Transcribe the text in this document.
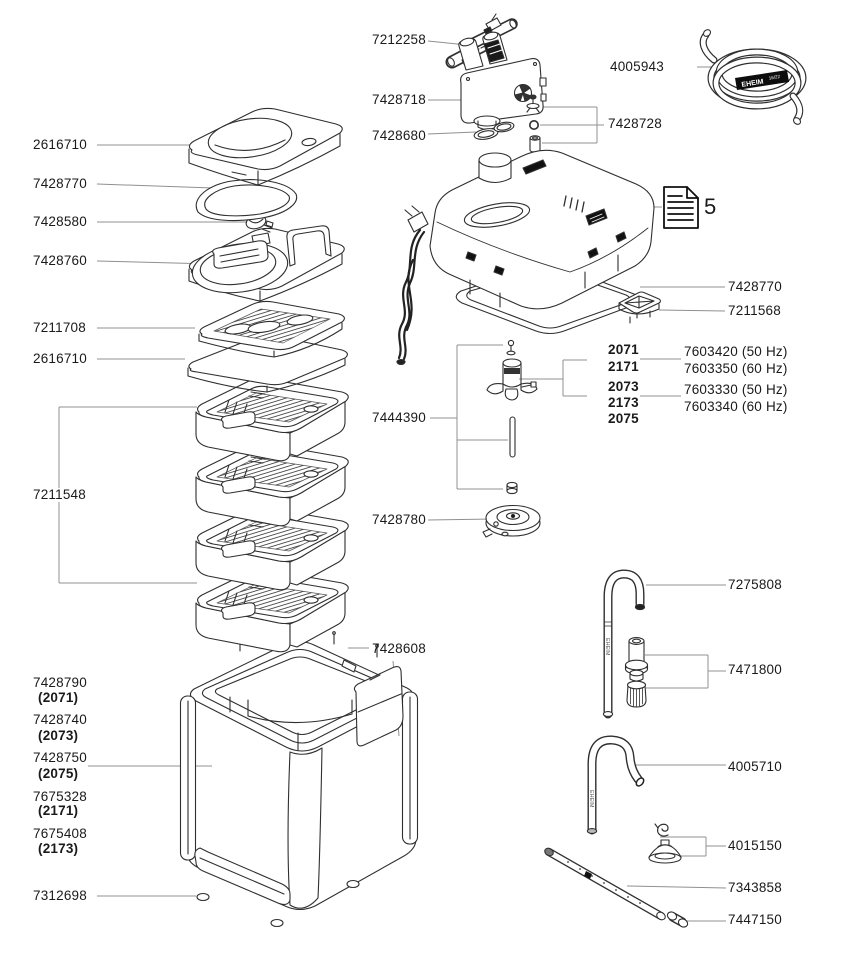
EHEIM
16/22
EHEIM
EHEIM
2616710
7428770
7428580
7428760
7211708
2616710
7211548
7428790
(2071)
7428740
(2073)
7428750
(2075)
7675328
(2171)
7675408
(2173)
7312698
7212258
7428718
7428680
7444390
7428780
7428608
4005943
7428728
5
7428770
7211568
2071
2171
7603420 (50 Hz)
7603350 (60 Hz)
2073
2173
2075
7603330 (50 Hz)
7603340 (60 Hz)
7275808
7471800
4005710
4015150
7343858
7447150
